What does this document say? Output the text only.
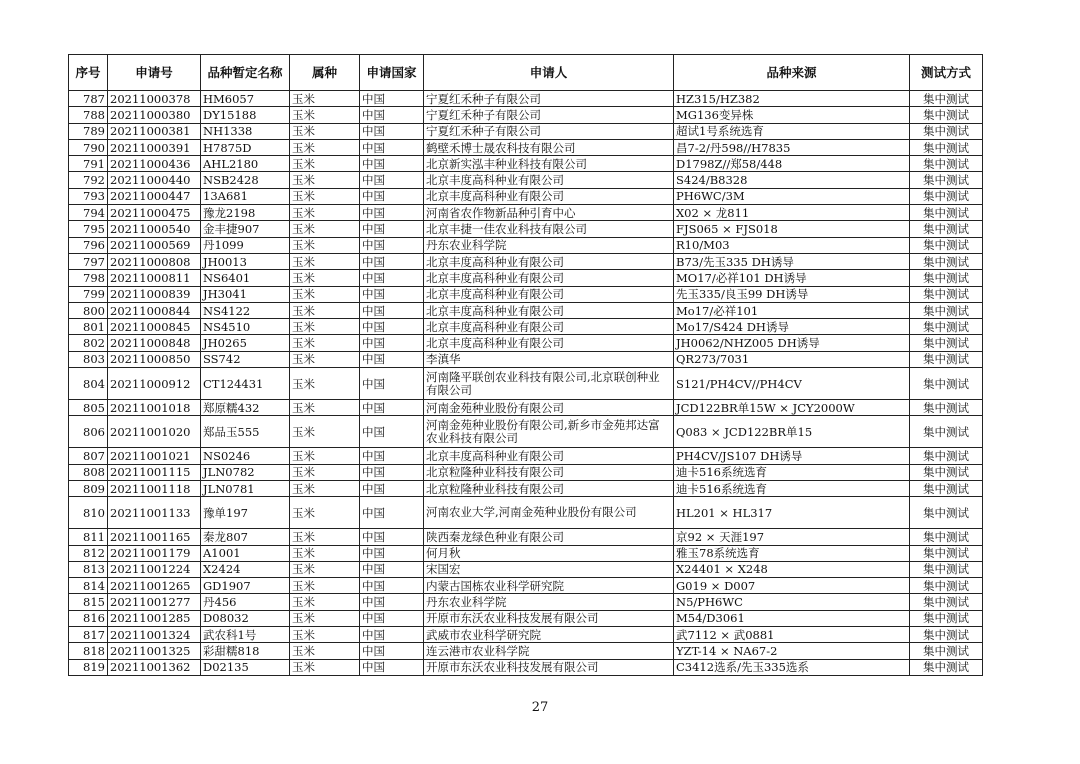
序号	申请号	品种暂定名称	属种	申请国家	申请人	品种来源	测试方式
787	20211000378	HM6057	玉米	中国	宁夏红禾种子有限公司	HZ315/HZ382	集中测试
788	20211000380	DY15188	玉米	中国	宁夏红禾种子有限公司	MG136变异株	集中测试
789	20211000381	NH1338	玉米	中国	宁夏红禾种子有限公司	超试1号系统选育	集中测试
790	20211000391	H7875D	玉米	中国	鹤壁禾博士晟农科技有限公司	昌7-2/丹598//H7835	集中测试
791	20211000436	AHL2180	玉米	中国	北京新实泓丰种业科技有限公司	D1798Z//郑58/448	集中测试
792	20211000440	NSB2428	玉米	中国	北京丰度高科种业有限公司	S424/B8328	集中测试
793	20211000447	13A681	玉米	中国	北京丰度高科种业有限公司	PH6WC/3M	集中测试
794	20211000475	豫龙2198	玉米	中国	河南省农作物新品种引育中心	X02 × 龙811	集中测试
795	20211000540	金丰捷907	玉米	中国	北京丰捷一佳农业科技有限公司	FJS065 × FJS018	集中测试
796	20211000569	丹1099	玉米	中国	丹东农业科学院	R10/M03	集中测试
797	20211000808	JH0013	玉米	中国	北京丰度高科种业有限公司	B73/先玉335 DH诱导	集中测试
798	20211000811	NS6401	玉米	中国	北京丰度高科种业有限公司	MO17/必祥101 DH诱导	集中测试
799	20211000839	JH3041	玉米	中国	北京丰度高科种业有限公司	先玉335/良玉99 DH诱导	集中测试
800	20211000844	NS4122	玉米	中国	北京丰度高科种业有限公司	Mo17/必祥101	集中测试
801	20211000845	NS4510	玉米	中国	北京丰度高科种业有限公司	Mo17/S424 DH诱导	集中测试
802	20211000848	JH0265	玉米	中国	北京丰度高科种业有限公司	JH0062/NHZ005 DH诱导	集中测试
803	20211000850	SS742	玉米	中国	李滇华	QR273/7031	集中测试
804	20211000912	CT124431	玉米	中国	河南隆平联创农业科技有限公司,北京联创种业有限公司	S121/PH4CV//PH4CV	集中测试
805	20211001018	郑原糯432	玉米	中国	河南金苑种业股份有限公司	JCD122BR单15W × JCY2000W	集中测试
806	20211001020	郑品玉555	玉米	中国	河南金苑种业股份有限公司,新乡市金苑邦达富农业科技有限公司	Q083 × JCD122BR单15	集中测试
807	20211001021	NS0246	玉米	中国	北京丰度高科种业有限公司	PH4CV/JS107 DH诱导	集中测试
808	20211001115	JLN0782	玉米	中国	北京粒隆种业科技有限公司	迪卡516系统选育	集中测试
809	20211001118	JLN0781	玉米	中国	北京粒隆种业科技有限公司	迪卡516系统选育	集中测试
810	20211001133	豫单197	玉米	中国	河南农业大学,河南金苑种业股份有限公司	HL201 × HL317	集中测试
811	20211001165	秦龙807	玉米	中国	陕西秦龙绿色种业有限公司	京92 × 天涯197	集中测试
812	20211001179	A1001	玉米	中国	何月秋	雅玉78系统选育	集中测试
813	20211001224	X2424	玉米	中国	宋国宏	X24401 × X248	集中测试
814	20211001265	GD1907	玉米	中国	内蒙古国栋农业科学研究院	G019 × D007	集中测试
815	20211001277	丹456	玉米	中国	丹东农业科学院	N5/PH6WC	集中测试
816	20211001285	D08032	玉米	中国	开原市东沃农业科技发展有限公司	M54/D3061	集中测试
817	20211001324	武农科1号	玉米	中国	武威市农业科学研究院	武7112 × 武0881	集中测试
818	20211001325	彩甜糯818	玉米	中国	连云港市农业科学院	YZT-14 × NA67-2	集中测试
819	20211001362	D02135	玉米	中国	开原市东沃农业科技发展有限公司	C3412选系/先玉335选系	集中测试
27
